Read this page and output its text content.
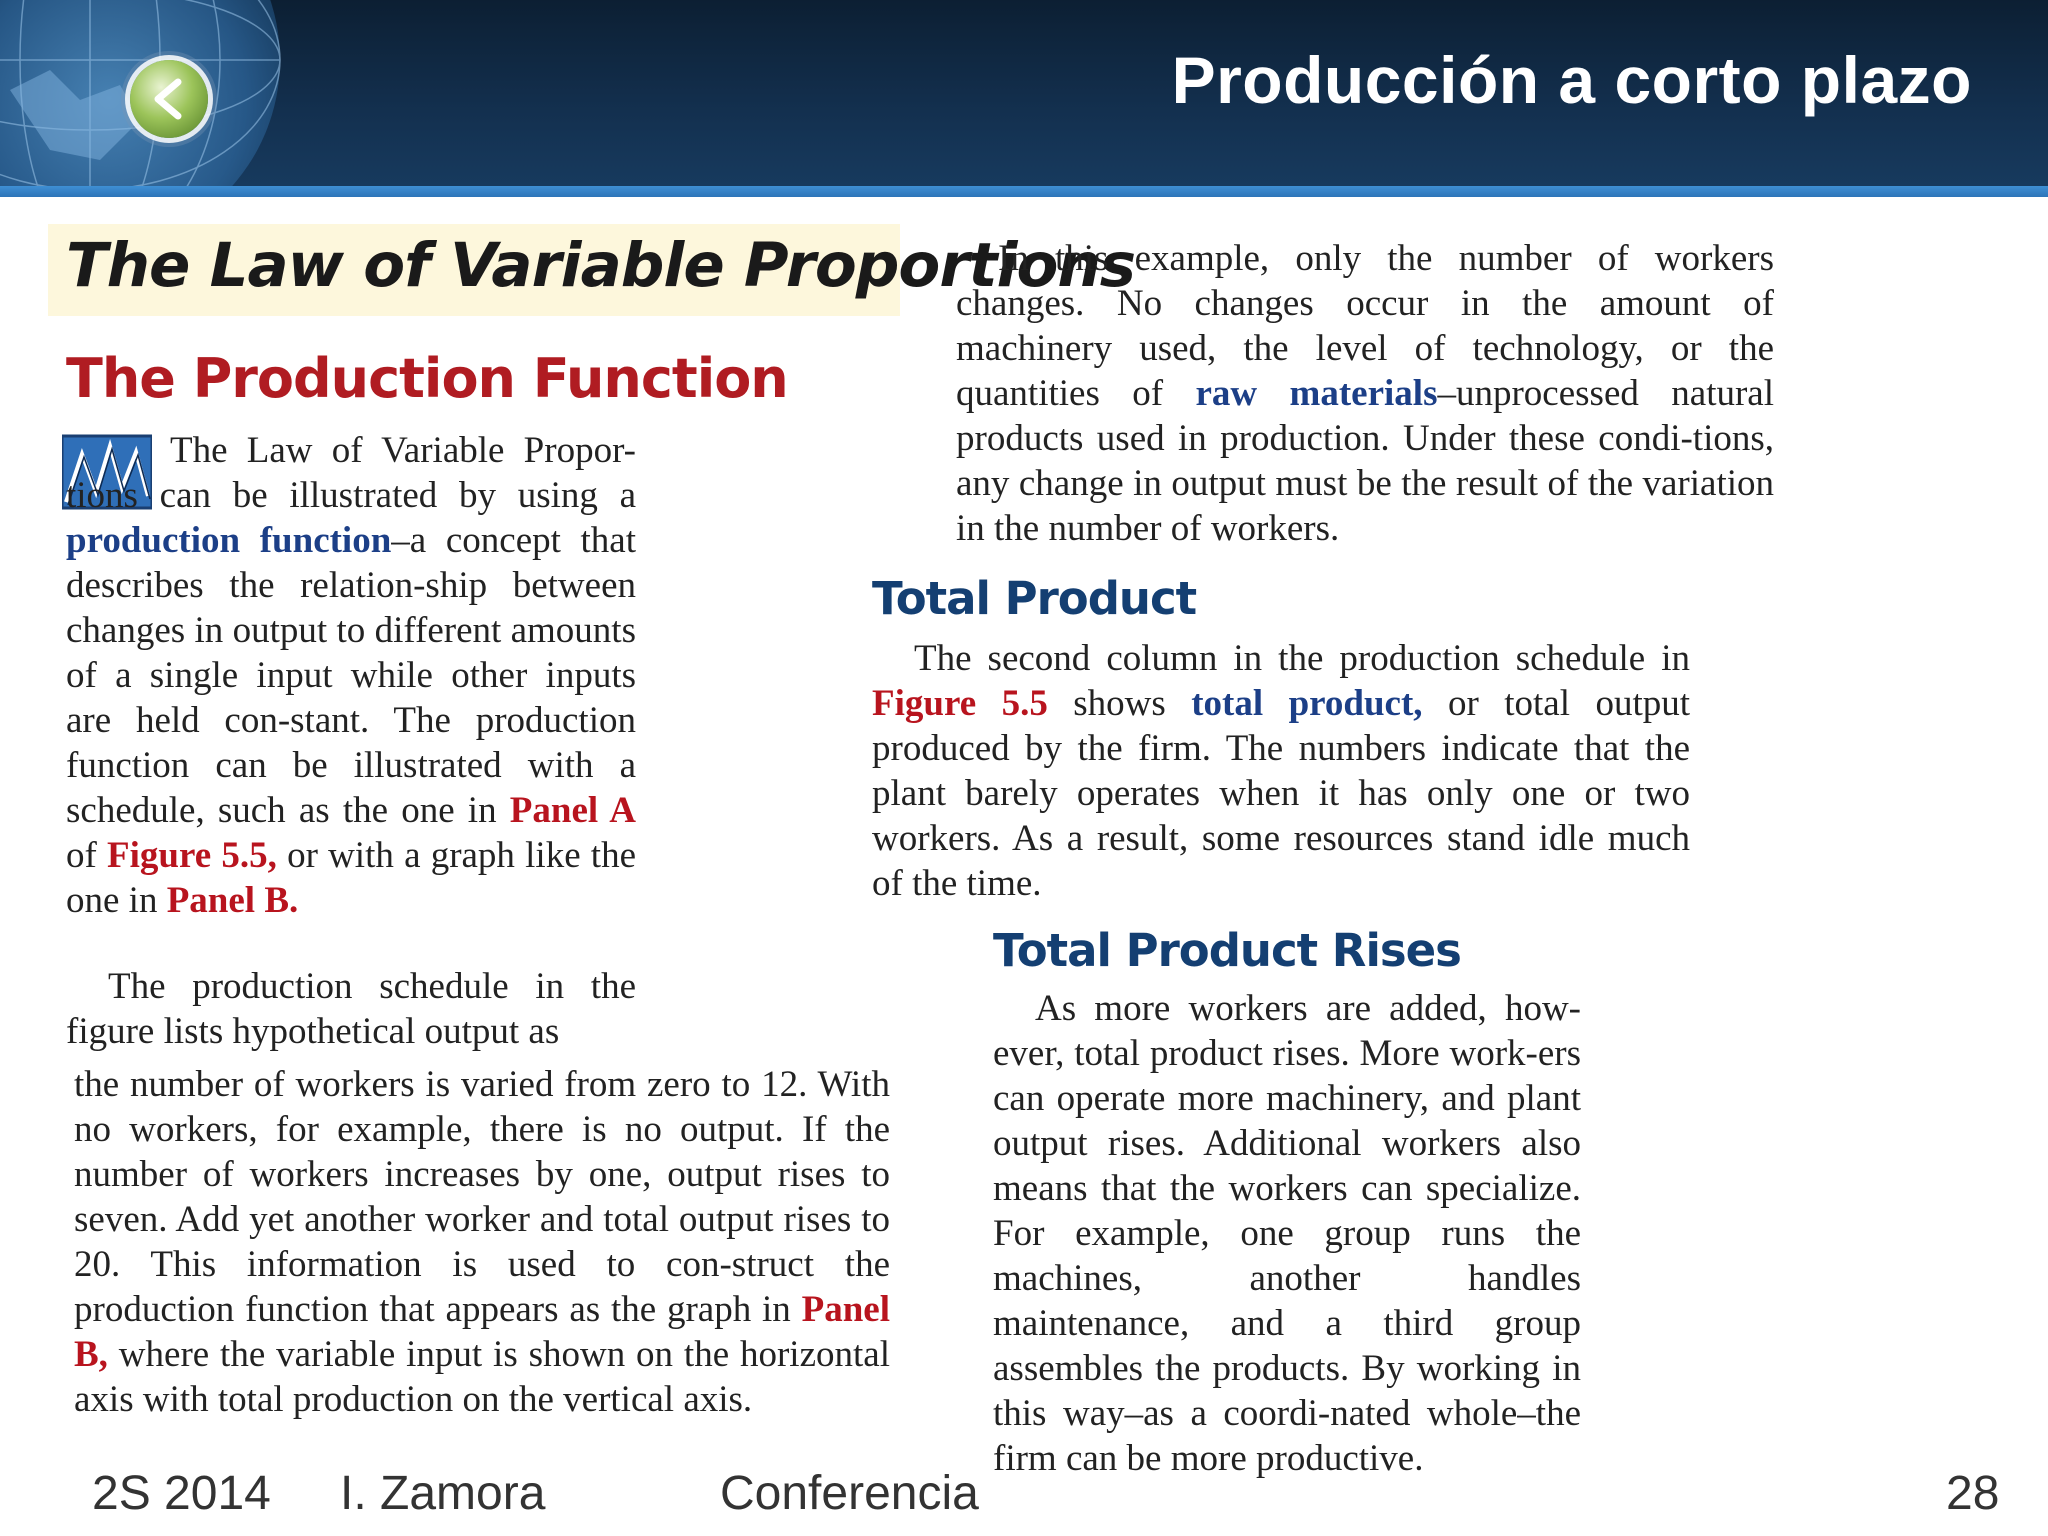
Producción a corto plazo
The Law of Variable Proportions
The Production Function

The Law of Variable Propor-tions can be illustrated by using a production function–a concept that describes the relation-ship between changes in output to different amounts of a single input while other inputs are held con-stant. The production function can be illustrated with a schedule, such as the one in Panel A of Figure 5.5, or with a graph like the one in Panel B.

The production schedule in the figure lists hypothetical output as

the number of workers is varied from zero to 12. With no workers, for example, there is no output. If the number of workers increases by one, output rises to seven. Add yet another worker and total output rises to 20. This information is used to con-struct the production function that appears as the graph in Panel B, where the variable input is shown on the horizontal axis with total production on the vertical axis.

In this example, only the number of workers changes. No changes occur in the amount of machinery used, the level of technology, or the quantities of raw materials–unprocessed natural products used in production. Under these condi-tions, any change in output must be the result of the variation in the number of workers.

Total Product

The second column in the production schedule in Figure 5.5 shows total product, or total output produced by the firm. The numbers indicate that the plant barely operates when it has only one or two workers. As a result, some resources stand idle much of the time.

Total Product Rises

As more workers are added, how-ever, total product rises. More work-ers can operate more machinery, and plant output rises. Additional workers also means that the workers can specialize. For example, one group runs the machines, another handles maintenance, and a third group assembles the products. By working in this way–as a coordi-nated whole–the firm can be more productive.

2S 2014 I. Zamora	Conferencia	28
